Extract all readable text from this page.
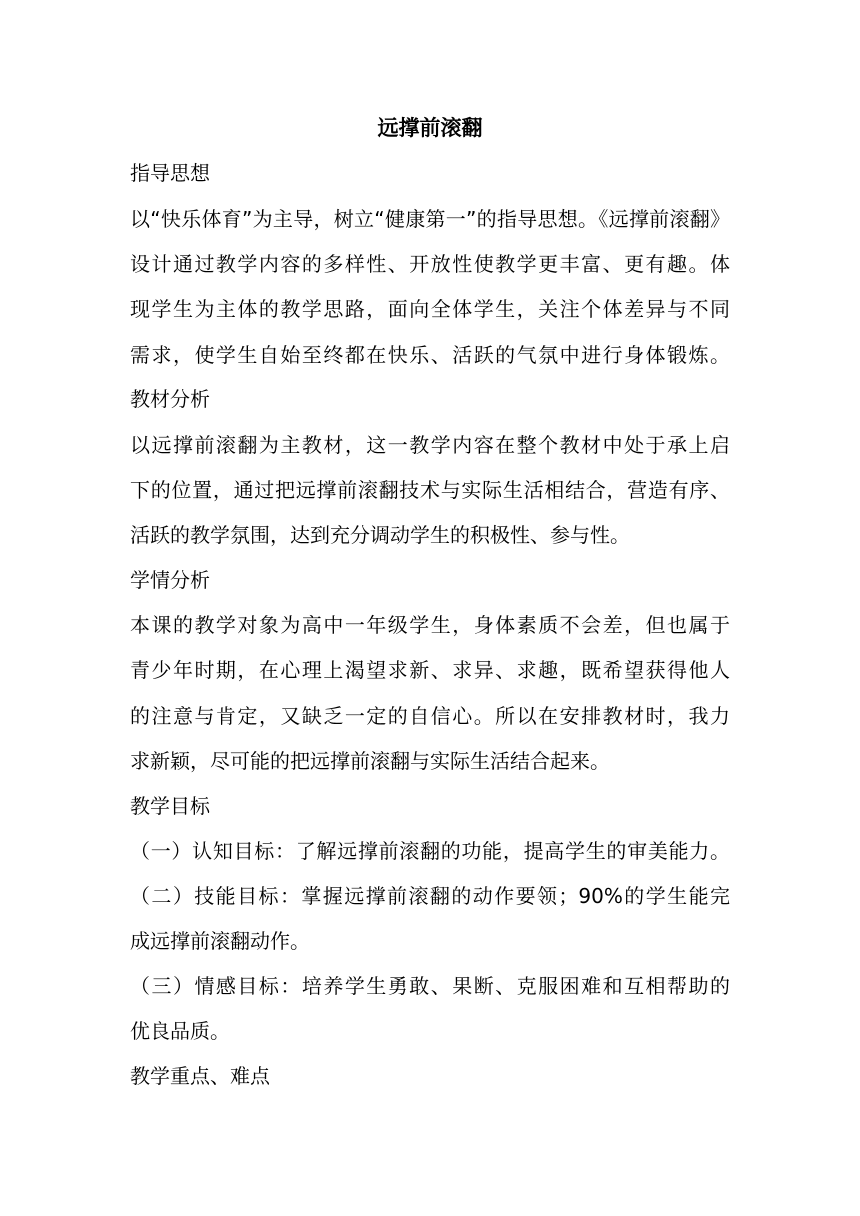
远撑前滚翻
指导思想
以“快乐体育”为主导，树立“健康第一”的指导思想。《远撑前滚翻》
设计通过教学内容的多样性、开放性使教学更丰富、更有趣。体
现学生为主体的教学思路，面向全体学生，关注个体差异与不同
需求，使学生自始至终都在快乐、活跃的气氛中进行身体锻炼。
教材分析
以远撑前滚翻为主教材，这一教学内容在整个教材中处于承上启
下的位置，通过把远撑前滚翻技术与实际生活相结合，营造有序、
活跃的教学氛围，达到充分调动学生的积极性、参与性。
学情分析
本课的教学对象为高中一年级学生，身体素质不会差，但也属于
青少年时期，在心理上渴望求新、求异、求趣，既希望获得他人
的注意与肯定，又缺乏一定的自信心。所以在安排教材时，我力
求新颖，尽可能的把远撑前滚翻与实际生活结合起来。
教学目标
（一）认知目标：了解远撑前滚翻的功能，提高学生的审美能力。
（二）技能目标：掌握远撑前滚翻的动作要领；90%的学生能完
成远撑前滚翻动作。
（三）情感目标：培养学生勇敢、果断、克服困难和互相帮助的
优良品质。
教学重点、难点
